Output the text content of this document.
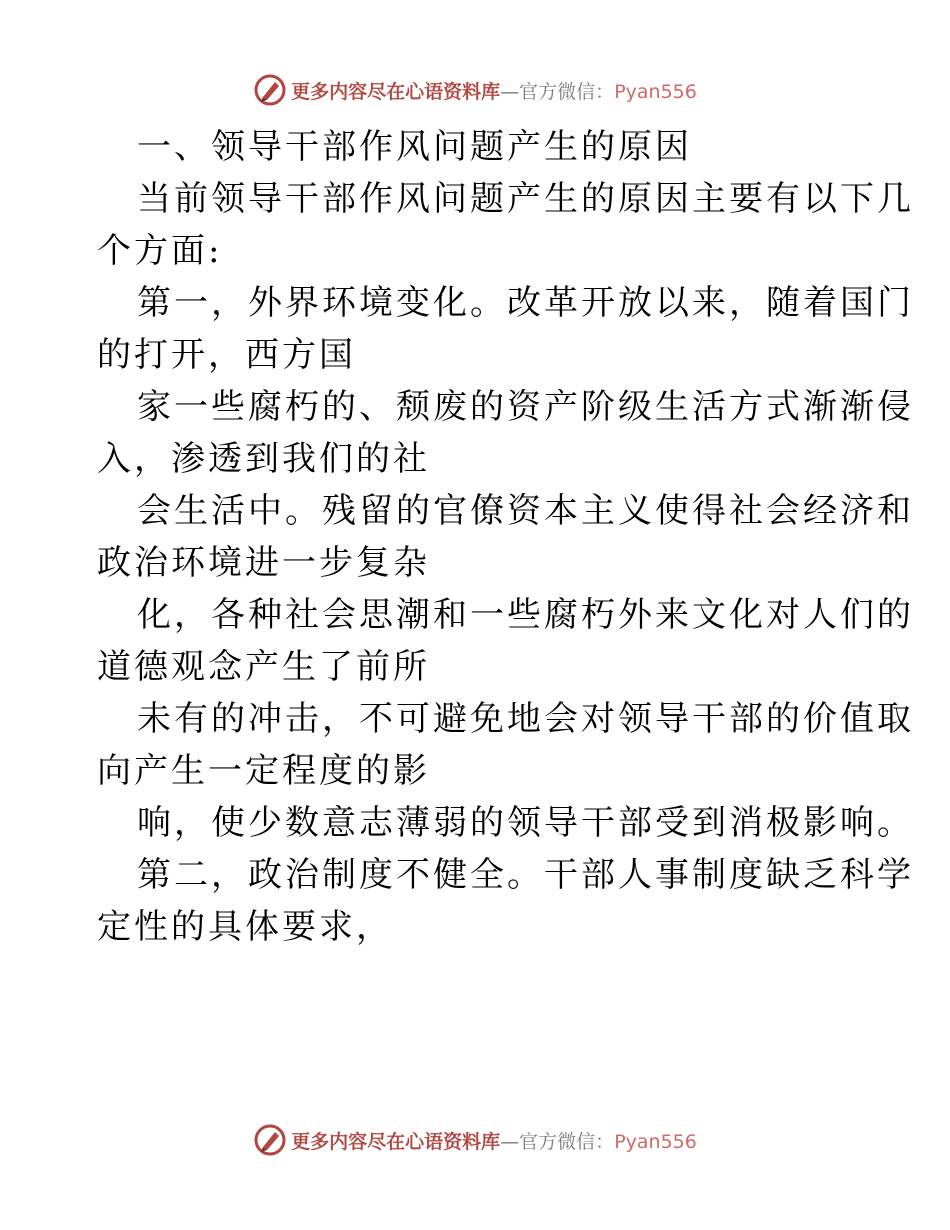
更多内容尽在心语资料库—官方微信：Pyan556
一、领导干部作风问题产生的原因
当前领导干部作风问题产生的原因主要有以下几
个方面:
第一，外界环境变化。改革开放以来，随着国门
的打开，西方国
家一些腐朽的、颓废的资产阶级生活方式渐渐侵
入，渗透到我们的社
会生活中。残留的官僚资本主义使得社会经济和
政治环境进一步复杂
化，各种社会思潮和一些腐朽外来文化对人们的
道德观念产生了前所
未有的冲击，不可避免地会对领导干部的价值取
向产生一定程度的影
响，使少数意志薄弱的领导干部受到消极影响。
第二，政治制度不健全。干部人事制度缺乏科学
定性的具体要求，
更多内容尽在心语资料库—官方微信：Pyan556
